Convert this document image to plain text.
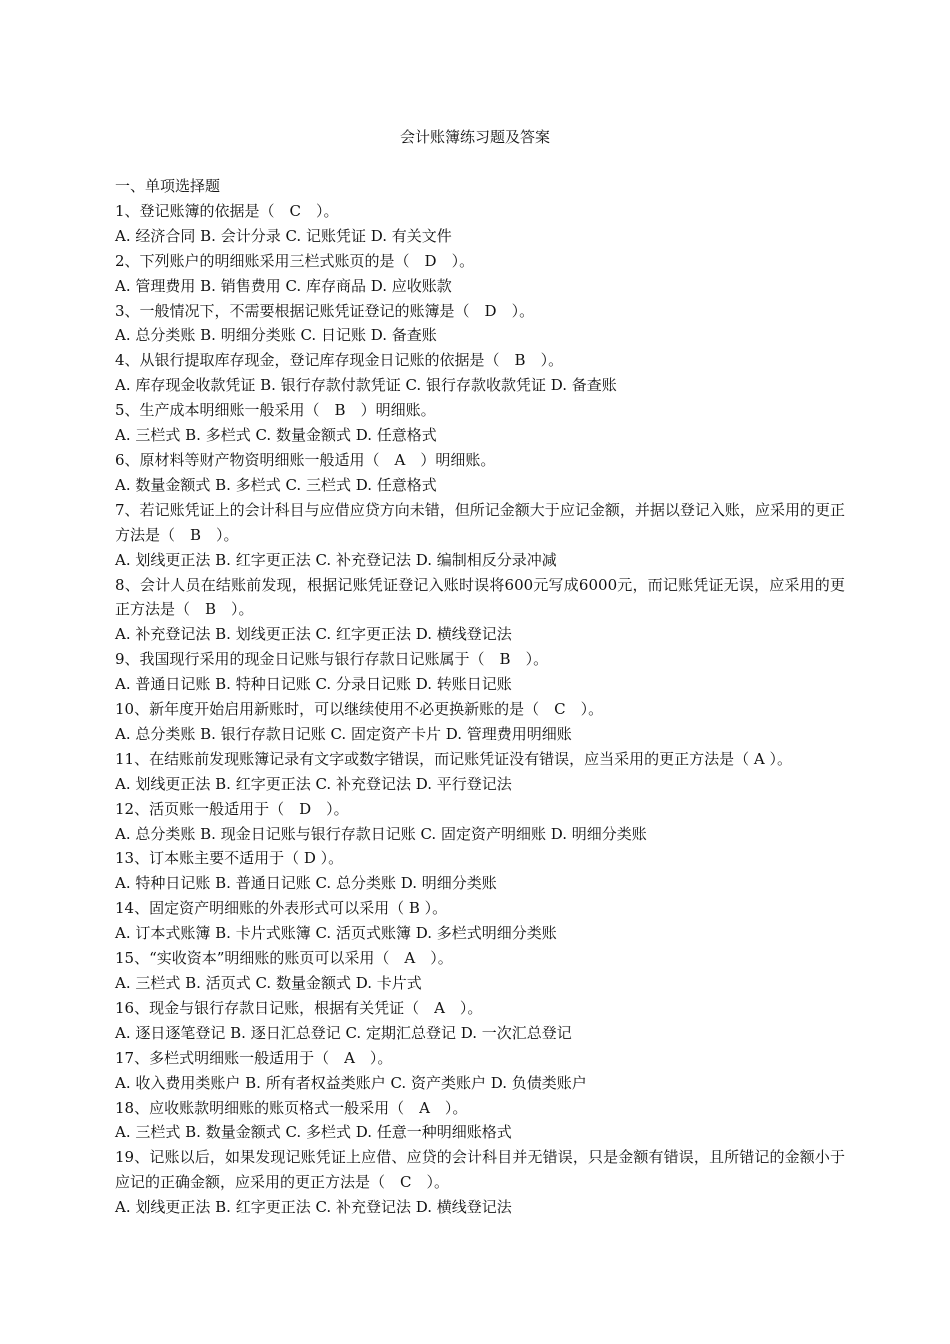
会计账簿练习题及答案
一、单项选择题
1、登记账簿的依据是（　C　）。
A. 经济合同 B. 会计分录 C. 记账凭证 D. 有关文件
2、下列账户的明细账采用三栏式账页的是（　D　）。
A. 管理费用 B. 销售费用 C. 库存商品 D. 应收账款
3、一般情况下，不需要根据记账凭证登记的账簿是（　D　）。
A. 总分类账 B. 明细分类账 C. 日记账 D. 备查账
4、从银行提取库存现金，登记库存现金日记账的依据是（　B　）。
A. 库存现金收款凭证 B. 银行存款付款凭证 C. 银行存款收款凭证 D. 备查账
5、生产成本明细账一般采用（　B　）明细账。
A. 三栏式 B. 多栏式 C. 数量金额式 D. 任意格式
6、原材料等财产物资明细账一般适用（　A　）明细账。
A. 数量金额式 B. 多栏式 C. 三栏式 D. 任意格式
7、若记账凭证上的会计科目与应借应贷方向未错，但所记金额大于应记金额，并据以登记入账，应采用的更正方法是（　B　）。
A. 划线更正法 B. 红字更正法 C. 补充登记法 D. 编制相反分录冲减
8、会计人员在结账前发现，根据记账凭证登记入账时误将600元写成6000元，而记账凭证无误，应采用的更正方法是（　B　）。
A. 补充登记法 B. 划线更正法 C. 红字更正法 D. 横线登记法
9、我国现行采用的现金日记账与银行存款日记账属于（　B　）。
A. 普通日记账 B. 特种日记账 C. 分录日记账 D. 转账日记账
10、新年度开始启用新账时，可以继续使用不必更换新账的是（　C　）。
A. 总分类账 B. 银行存款日记账 C. 固定资产卡片 D. 管理费用明细账
11、在结账前发现账簿记录有文字或数字错误，而记账凭证没有错误，应当采用的更正方法是（ A ）。
A. 划线更正法 B. 红字更正法 C. 补充登记法 D. 平行登记法
12、活页账一般适用于（　D　）。
A. 总分类账 B. 现金日记账与银行存款日记账 C. 固定资产明细账 D. 明细分类账
13、订本账主要不适用于（ D ）。
A. 特种日记账 B. 普通日记账 C. 总分类账 D. 明细分类账
14、固定资产明细账的外表形式可以采用（ B ）。
A. 订本式账簿 B. 卡片式账簿 C. 活页式账簿 D. 多栏式明细分类账
15、“实收资本”明细账的账页可以采用（　A　）。
A. 三栏式 B. 活页式 C. 数量金额式 D. 卡片式
16、现金与银行存款日记账，根据有关凭证（　A　）。
A. 逐日逐笔登记 B. 逐日汇总登记 C. 定期汇总登记 D. 一次汇总登记
17、多栏式明细账一般适用于（　A　）。
A. 收入费用类账户 B. 所有者权益类账户 C. 资产类账户 D. 负债类账户
18、应收账款明细账的账页格式一般采用（　A　）。
A. 三栏式 B. 数量金额式 C. 多栏式 D. 任意一种明细账格式
19、记账以后，如果发现记账凭证上应借、应贷的会计科目并无错误，只是金额有错误，且所错记的金额小于应记的正确金额，应采用的更正方法是（　C　）。
A. 划线更正法 B. 红字更正法 C. 补充登记法 D. 横线登记法
